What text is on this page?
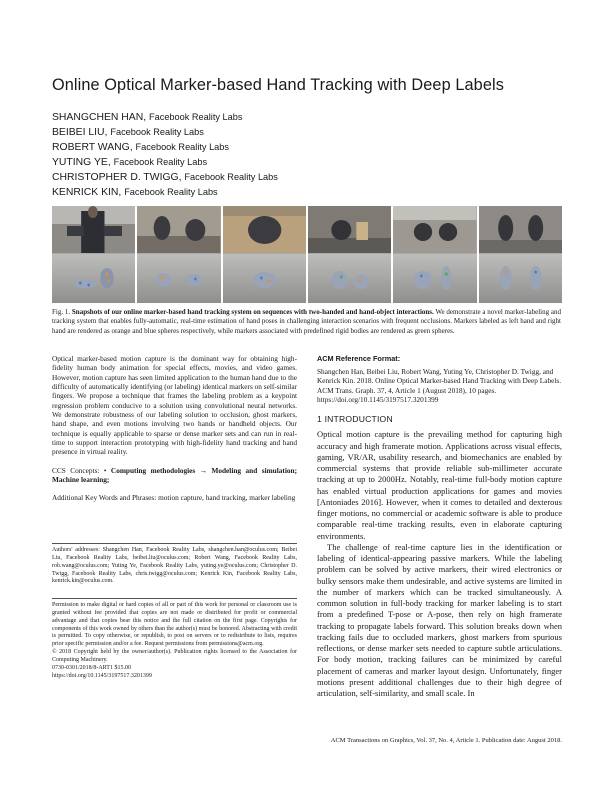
Online Optical Marker-based Hand Tracking with Deep Labels
SHANGCHEN HAN, Facebook Reality Labs
BEIBEI LIU, Facebook Reality Labs
ROBERT WANG, Facebook Reality Labs
YUTING YE, Facebook Reality Labs
CHRISTOPHER D. TWIGG, Facebook Reality Labs
KENRICK KIN, Facebook Reality Labs
Fig. 1. Snapshots of our online marker-based hand tracking system on sequences with two-handed and hand-object interactions. We demonstrate a novel marker-labeling and tracking system that enables fully-automatic, real-time estimation of hand poses in challenging interaction scenarios with frequent occlusions. Markers labeled as left hand and right hand are rendered as orange and blue spheres respectively, while markers associated with predefined rigid bodies are rendered as green spheres.

Optical marker-based motion capture is the dominant way for obtaining high-fidelity human body animation for special effects, movies, and video games. However, motion capture has seen limited application to the human hand due to the difficulty of automatically identifying (or labeling) identical markers on self-similar fingers. We propose a technique that frames the labeling problem as a keypoint regression problem conducive to a solution using convolutional neural networks. We demonstrate robustness of our labeling solution to occlusion, ghost markers, hand shape, and even motions involving two hands or handheld objects. Our technique is equally applicable to sparse or dense marker sets and can run in real-time to support interaction prototyping with high-fidelity hand tracking and hand presence in virtual reality.

CCS Concepts: • Computing methodologies → Modeling and simulation; Machine learning;

Additional Key Words and Phrases: motion capture, hand tracking, marker labeling

Authors' addresses: Shangchen Han, Facebook Reality Labs, shangchen.han@oculus.com; Beibei Liu, Facebook Reality Labs, beibei.liu@oculus.com; Robert Wang, Facebook Reality Labs, rob.wang@oculus.com; Yuting Ye, Facebook Reality Labs, yuting.ye@oculus.com; Christopher D. Twigg, Facebook Reality Labs, chris.twigg@oculus.com; Kenrick Kin, Facebook Reality Labs, kenrick.kin@oculus.com.
Permission to make digital or hard copies of all or part of this work for personal or classroom use is granted without fee provided that copies are not made or distributed for profit or commercial advantage and that copies bear this notice and the full citation on the first page. Copyrights for components of this work owned by others than the author(s) must be honored. Abstracting with credit is permitted. To copy otherwise, or republish, to post on servers or to redistribute to lists, requires prior specific permission and/or a fee. Request permissions from permissions@acm.org.
© 2018 Copyright held by the owner/author(s). Publication rights licensed to the Association for Computing Machinery.
0730-0301/2018/8-ART1 $15.00
https://doi.org/10.1145/3197517.3201399
ACM Reference Format:
Shangchen Han, Beibei Liu, Robert Wang, Yuting Ye, Christopher D. Twigg, and Kenrick Kin. 2018. Online Optical Marker-based Hand Tracking with Deep Labels. ACM Trans. Graph. 37, 4, Article 1 (August 2018), 10 pages. https://doi.org/10.1145/3197517.3201399
1 INTRODUCTION

Optical motion capture is the prevailing method for capturing high accuracy and high framerate motion. Applications across visual effects, gaming, VR/AR, usability research, and biomechanics are enabled by commercial systems that provide reliable sub-millimeter accurate tracking at up to 2000Hz. Notably, real-time full-body motion capture has enabled virtual production applications for games and movies [Antoniades 2016]. However, when it comes to detailed and dexterous finger motions, no commercial or academic software is able to produce comparable real-time tracking results, even in elaborate capturing environments.

The challenge of real-time capture lies in the identification or labeling of identical-appearing passive markers. While the labeling problem can be solved by active markers, their wired electronics or bulky sensors make them undesirable, and active systems are limited in the number of markers which can be tracked simultaneously. A common solution in full-body tracking for marker labeling is to start from a predefined T-pose or A-pose, then rely on high framerate tracking to propagate labels forward. This solution breaks down when tracking fails due to occluded markers, ghost markers from spurious reflections, or dense marker sets needed to capture subtle articulations. For body motion, tracking failures can be minimized by careful placement of cameras and marker layout design. Unfortunately, finger motions present additional challenges due to their high degree of articulation, self-similarity, and small scale. In

ACM Transactions on Graphics, Vol. 37, No. 4, Article 1. Publication date: August 2018.
